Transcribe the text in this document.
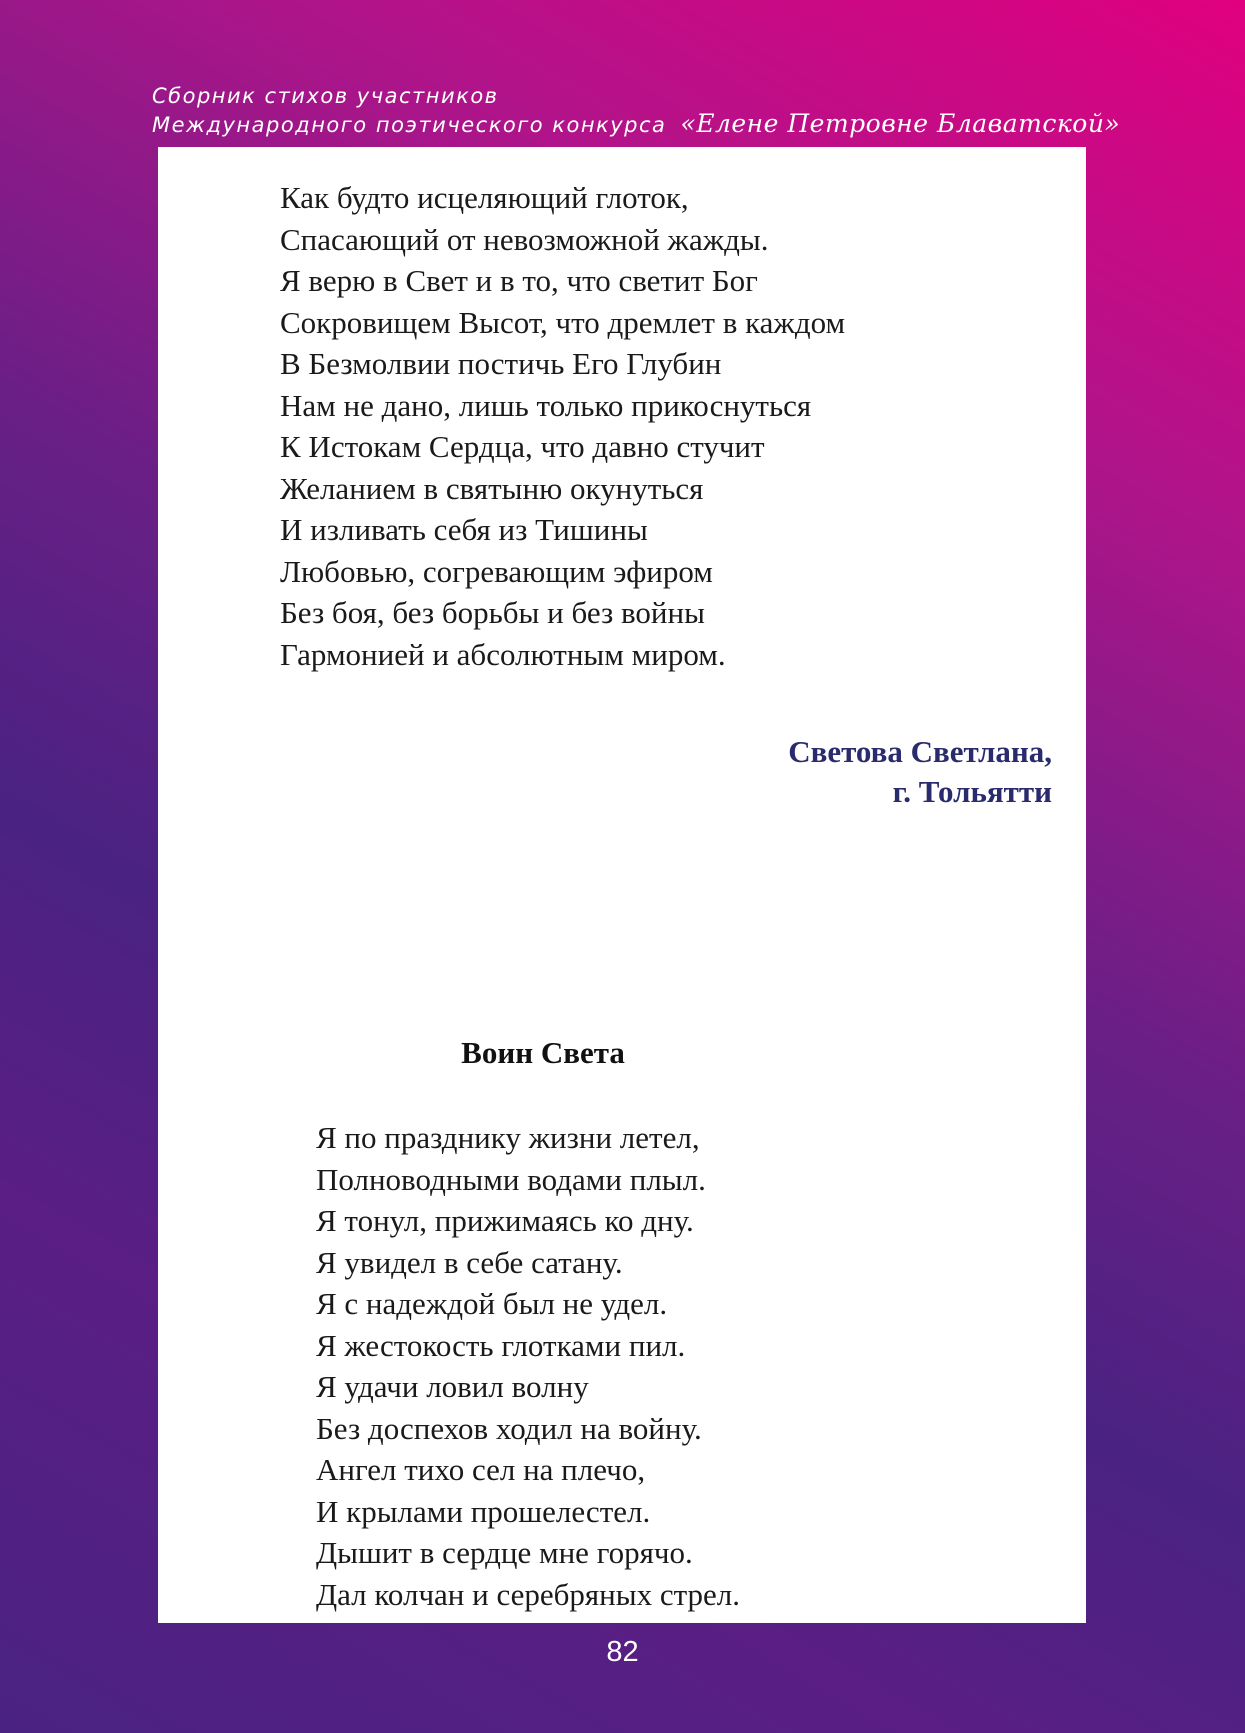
Сборник стихов участников
Международного поэтического конкурса «Елене Петровне Блаватской»
Как будто исцеляющий глоток,
Спасающий от невозможной жажды.
Я верю в Свет и в то, что светит Бог
Сокровищем Высот, что дремлет в каждом
В Безмолвии постичь Его Глубин
Нам не дано, лишь только прикоснуться
К Истокам Сердца, что давно стучит
Желанием в святыню окунуться
И изливать себя из Тишины
Любовью, согревающим эфиром
Без боя, без борьбы и без войны
Гармонией и абсолютным миром.
Светова Светлана,
г. Тольятти
Воин Света
Я по празднику жизни летел,
Полноводными водами плыл.
Я тонул, прижимаясь ко дну.
Я увидел в себе сатану.
Я с надеждой был не удел.
Я жестокость глотками пил.
Я удачи ловил волну
Без доспехов ходил на войну.
Ангел тихо сел на плечо,
И крылами прошелестел.
Дышит в сердце мне горячо.
Дал колчан и серебряных стрел.
82
